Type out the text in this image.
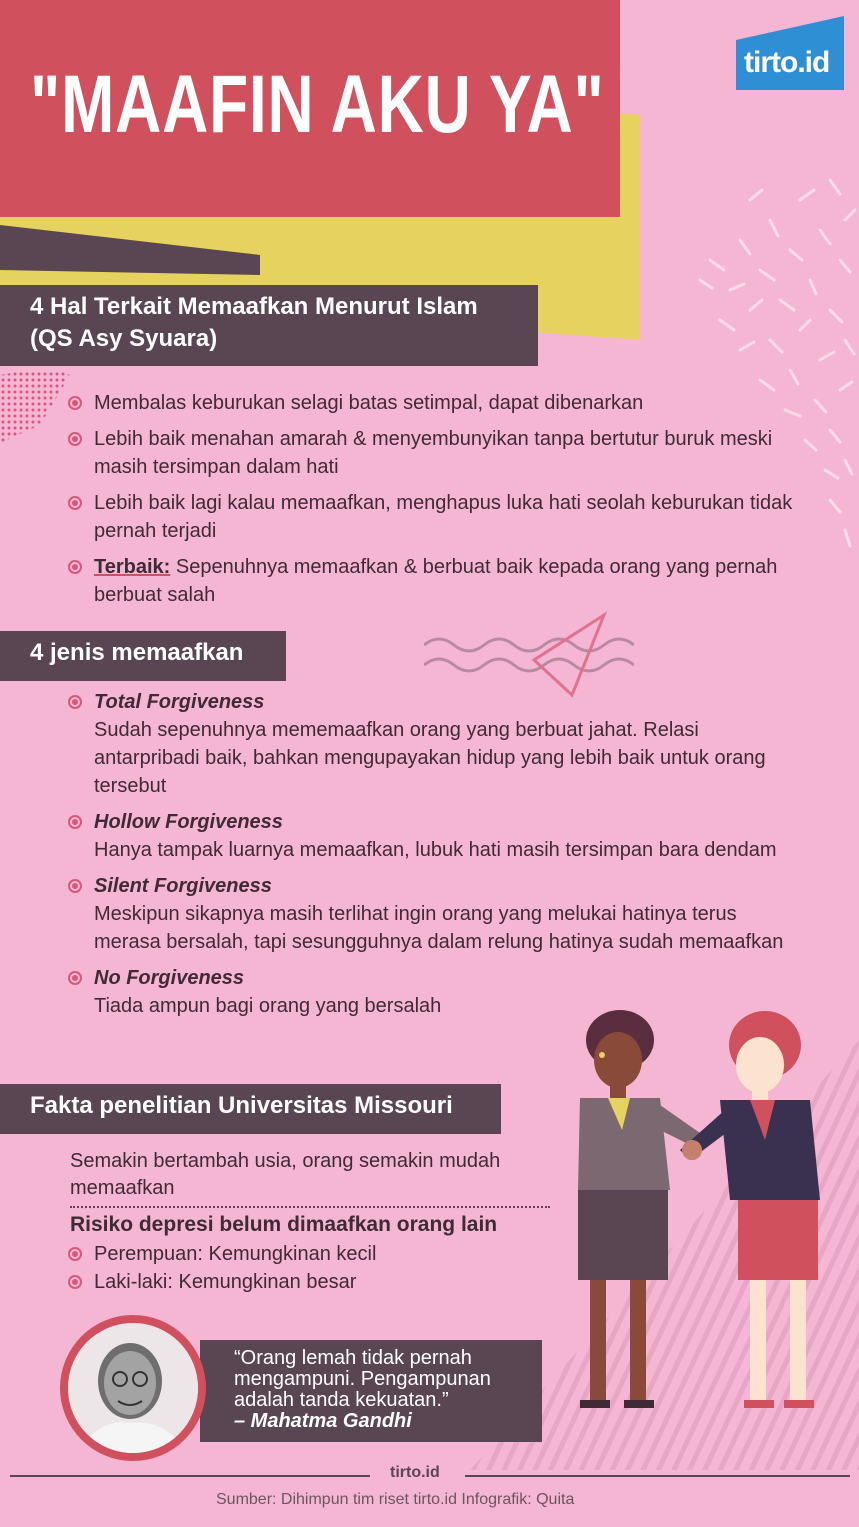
"MAAFIN AKU YA"	tirto.id
4 Hal Terkait Memaafkan Menurut Islam
(QS Asy Syuara)
Membalas keburukan selagi batas setimpal, dapat dibenarkan
Lebih baik menahan amarah & menyembunyikan tanpa bertutur buruk meski masih tersimpan dalam hati
Lebih baik lagi kalau memaafkan, menghapus luka hati seolah keburukan tidak pernah terjadi
Terbaik: Sepenuhnya memaafkan & berbuat baik kepada orang yang pernah berbuat salah
4 jenis memaafkan
Total Forgiveness
Sudah sepenuhnya mememaafkan orang yang berbuat jahat. Relasi antarpribadi baik, bahkan mengupayakan hidup yang lebih baik untuk orang tersebut
Hollow Forgiveness
Hanya tampak luarnya memaafkan, lubuk hati masih tersimpan bara dendam
Silent Forgiveness
Meskipun sikapnya masih terlihat ingin orang yang melukai hatinya terus merasa bersalah, tapi sesungguhnya dalam relung hatinya sudah memaafkan
No Forgiveness
Tiada ampun bagi orang yang bersalah
Fakta penelitian Universitas Missouri
Semakin bertambah usia, orang semakin mudah memaafkan
Risiko depresi belum dimaafkan orang lain
Perempuan: Kemungkinan kecil
Laki-laki: Kemungkinan besar
“Orang lemah tidak pernah mengampuni. Pengampunan adalah tanda kekuatan.”
– Mahatma Gandhi
tirto.id
Sumber: Dihimpun tim riset tirto.id Infografik: Quita
